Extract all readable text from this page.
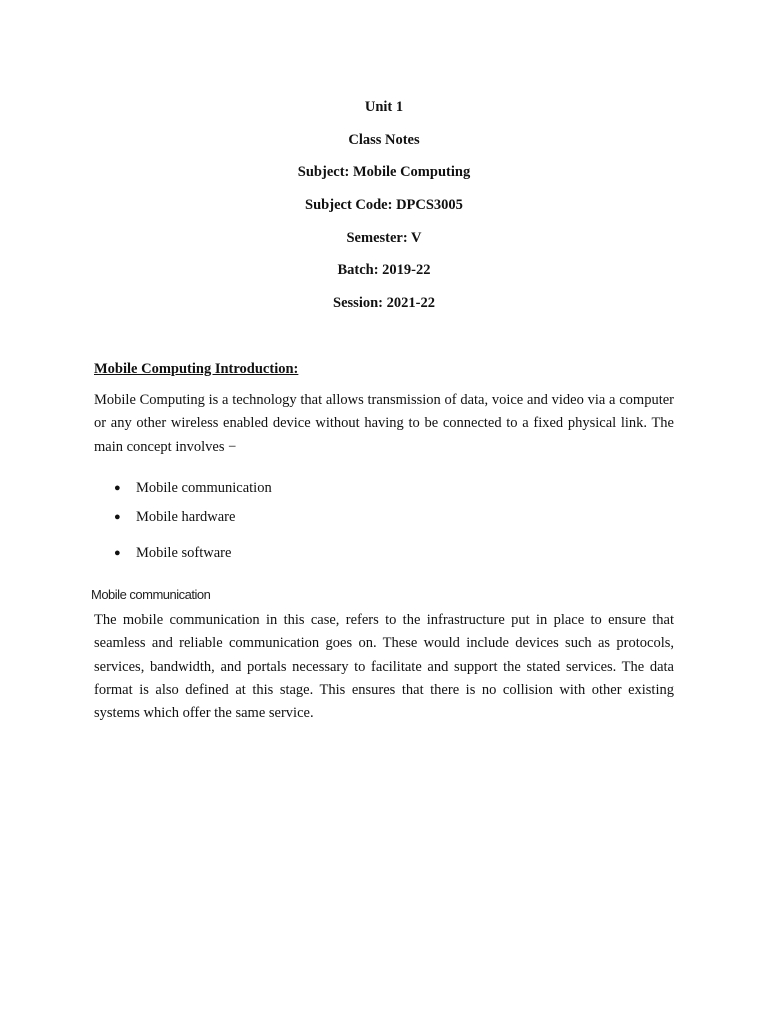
Unit 1
Class Notes
Subject: Mobile Computing
Subject Code: DPCS3005
Semester: V
Batch: 2019-22
Session: 2021-22
Mobile Computing Introduction:
Mobile Computing is a technology that allows transmission of data, voice and video via a computer or any other wireless enabled device without having to be connected to a fixed physical link. The main concept involves −
● Mobile communication
● Mobile hardware
● Mobile software
Mobile communication
The mobile communication in this case, refers to the infrastructure put in place to ensure that seamless and reliable communication goes on. These would include devices such as protocols, services, bandwidth, and portals necessary to facilitate and support the stated services. The data format is also defined at this stage. This ensures that there is no collision with other existing systems which offer the same service.
